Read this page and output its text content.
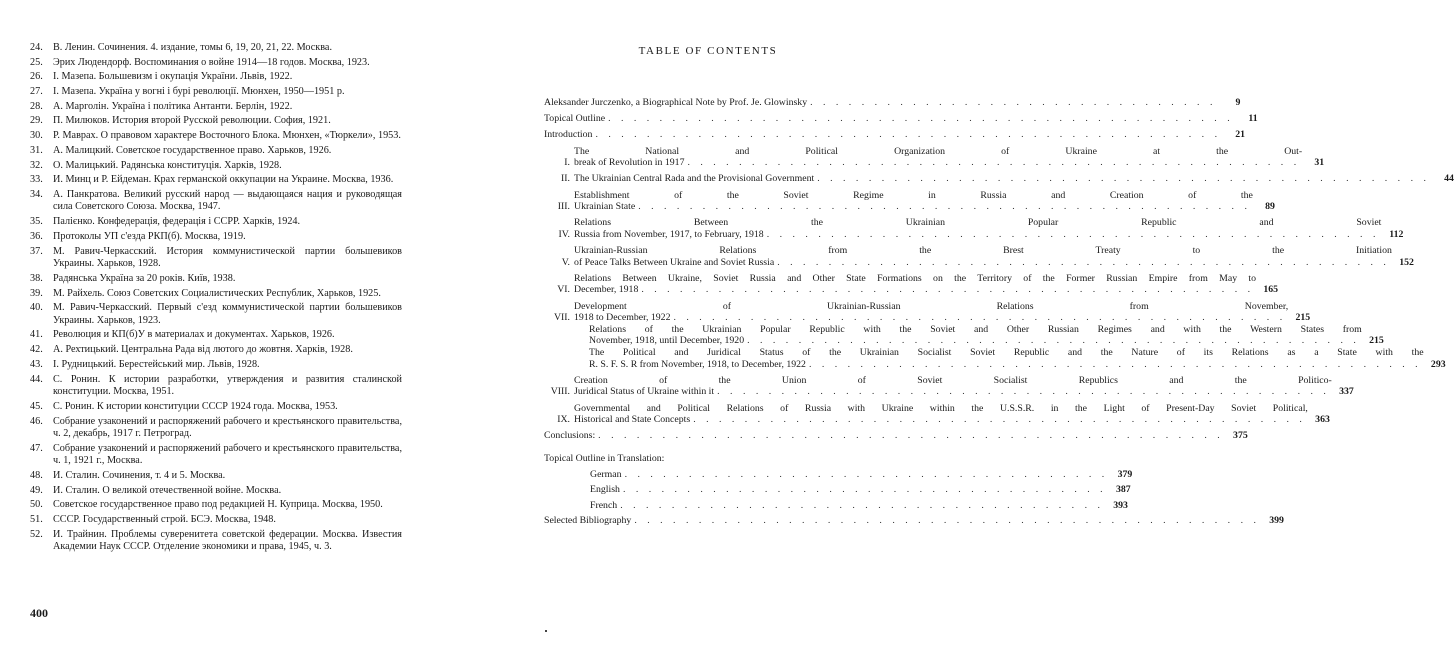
24.	В. Ленин. Сочинения. 4. издание, томы 6, 19, 20, 21, 22. Москва.
25.	Эрих Людендорф. Воспоминания о войне 1914—18 годов. Москва, 1923.
26.	І. Мазепа. Большевизм і окупація України. Львів, 1922.
27.	І. Мазепа. Україна у вогні і бурі революції. Мюнхен, 1950—1951 р.
28.	А. Марголін. Україна і політика Антанти. Берлін, 1922.
29.	П. Милюков. История второй Русской революции. София, 1921.
30.	Р. Маврах. О правовом характере Восточного Блока. Мюнхен, «Тюркели», 1953.
31.	А. Малицкий. Советское государственное право. Харьков, 1926.
32.	О. Малицький. Радянська конституція. Харків, 1928.
33.	И. Минц и Р. Ейдеман. Крах германской оккупации на Украине. Москва, 1936.
34.	А. Панкратова. Великий русский народ — выдающаяся нация и руководящая сила Советского Союза. Москва, 1947.
35.	Палієнко. Конфедерація, федерація і ССРР. Харків, 1924.
36.	Протоколы УП с'езда РКП(б). Москва, 1919.
37.	М. Равич-Черкасский. История коммунистической партии большевиков Украины. Харьков, 1928.
38.	Радянська Україна за 20 років. Київ, 1938.
39.	М. Райхель. Союз Советских Социалистических Республик, Харьков, 1925.
40.	М. Равич-Черкасский. Первый с'езд коммунистической партии большевиков Украины. Харьков, 1923.
41.	Революция и КП(б)У в материалах и документах. Харьков, 1926.
42.	А. Рехтицький. Центральна Рада від лютого до жовтня. Харків, 1928.
43.	І. Рудницький. Берестейський мир. Львів, 1928.
44.	С. Ронин. К истории разработки, утверждения и развития сталинской конституции. Москва, 1951.
45.	С. Ронин. К истории конституции СССР 1924 года. Москва, 1953.
46.	Собрание узаконений и распоряжений рабочего и крестьянского правительства, ч. 2, декабрь, 1917 г. Петроград.
47.	Собрание узаконений и распоряжений рабочего и крестьянского правительства, ч. 1, 1921 г., Москва.
48.	И. Сталин. Сочинения, т. 4 и 5. Москва.
49.	И. Сталин. О великой отечественной войне. Москва.
50.	Советское государственное право под редакцией Н. Куприца. Москва, 1950.
51.	СССР. Государственный строй. БСЭ. Москва, 1948.
52.	И. Трайнин. Проблемы суверенитета советской федерации. Москва. Известия Академии Наук СССР. Отделение экономики и права, 1945, ч. 3.
400
TABLE OF CONTENTS
Aleksander Jurczenko, a Biographical Note by Prof. Je. Glowinsky . . . . . . . . . . . . . . . . . . . . . . . . . . . . . . . .	9
Topical Outline . . . . . . . . . . . . . . . . . . . . . . . . . . . . . . . . . . . . . . . . . . . . . . . . .	11
Introduction . . . . . . . . . . . . . . . . . . . . . . . . . . . . . . . . . . . . . . . . . . . . . . . . .	21
I.
The National and Political Organization of Ukraine at the Out-
break of Revolution in 1917 . . . . . . . . . . . . . . . . . . . . . . . . . . . . . . . . . . . . . . . . . . . . . . . .	31
II. The Ukrainian Central Rada and the Provisional Government . . . . . . . . . . . . . . . . . . . . . . . . . . . . . . . . . . . . . . . . . . . . . . . .	44
III.
Establishment of the Soviet Regime in Russia and Creation of the
Ukrainian State . . . . . . . . . . . . . . . . . . . . . . . . . . . . . . . . . . . . . . . . . . . . . . . .	89
IV.
Relations Between the Ukrainian Popular Republic and Soviet
Russia from November, 1917, to February, 1918 . . . . . . . . . . . . . . . . . . . . . . . . . . . . . . . . . . . . . . . . . . . . . . . .	112
V.
Ukrainian-Russian Relations from the Brest Treaty to the Initiation
of Peace Talks Between Ukraine and Soviet Russia . . . . . . . . . . . . . . . . . . . . . . . . . . . . . . . . . . . . . . . . . . . . . . . . 152
VI.
Relations Between Ukraine, Soviet Russia and Other State Formations on the Territory of the Former Russian Empire from May to
December, 1918 . . . . . . . . . . . . . . . . . . . . . . . . . . . . . . . . . . . . . . . . . . . . . . . . 165
VII.
Development of Ukrainian-Russian Relations from November,
1918 to December, 1922 . . . . . . . . . . . . . . . . . . . . . . . . . . . . . . . . . . . . . . . . . . . . . . . . 215
Relations of the Ukrainian Popular Republic with the Soviet and Other Russian Regimes and with the Western States from
November, 1918, until December, 1920 . . . . . . . . . . . . . . . . . . . . . . . . . . . . . . . . . . . . . . . . . . . . . . . . 215
The Political and Juridical Status of the Ukrainian Socialist Soviet Republic and the Nature of its Relations as a State with the
R. S. F. S. R from November, 1918, to December, 1922 . . . . . . . . . . . . . . . . . . . . . . . . . . . . . . . . . . . . . . . . . . . . . . . . 293
VIII.
Creation of the Union of Soviet Socialist Republics and the Politico-
Juridical Status of Ukraine within it . . . . . . . . . . . . . . . . . . . . . . . . . . . . . . . . . . . . . . . . . . . . . . . . 337
IX.
Governmental and Political Relations of Russia with Ukraine within the U.S.S.R. in the Light of Present-Day Soviet Political,
Historical and State Concepts . . . . . . . . . . . . . . . . . . . . . . . . . . . . . . . . . . . . . . . . . . . . . . . . 363
Conclusions: . . . . . . . . . . . . . . . . . . . . . . . . . . . . . . . . . . . . . . . . . . . . . . . . . 375
Topical Outline in Translation:
German . . . . . . . . . . . . . . . . . . . . . . . . . . . . . . . . . . . . . . 379
English . . . . . . . . . . . . . . . . . . . . . . . . . . . . . . . . . . . . . . 387
French . . . . . . . . . . . . . . . . . . . . . . . . . . . . . . . . . . . . . . 393
Selected Bibliography . . . . . . . . . . . . . . . . . . . . . . . . . . . . . . . . . . . . . . . . . . . . . . . . . 399
